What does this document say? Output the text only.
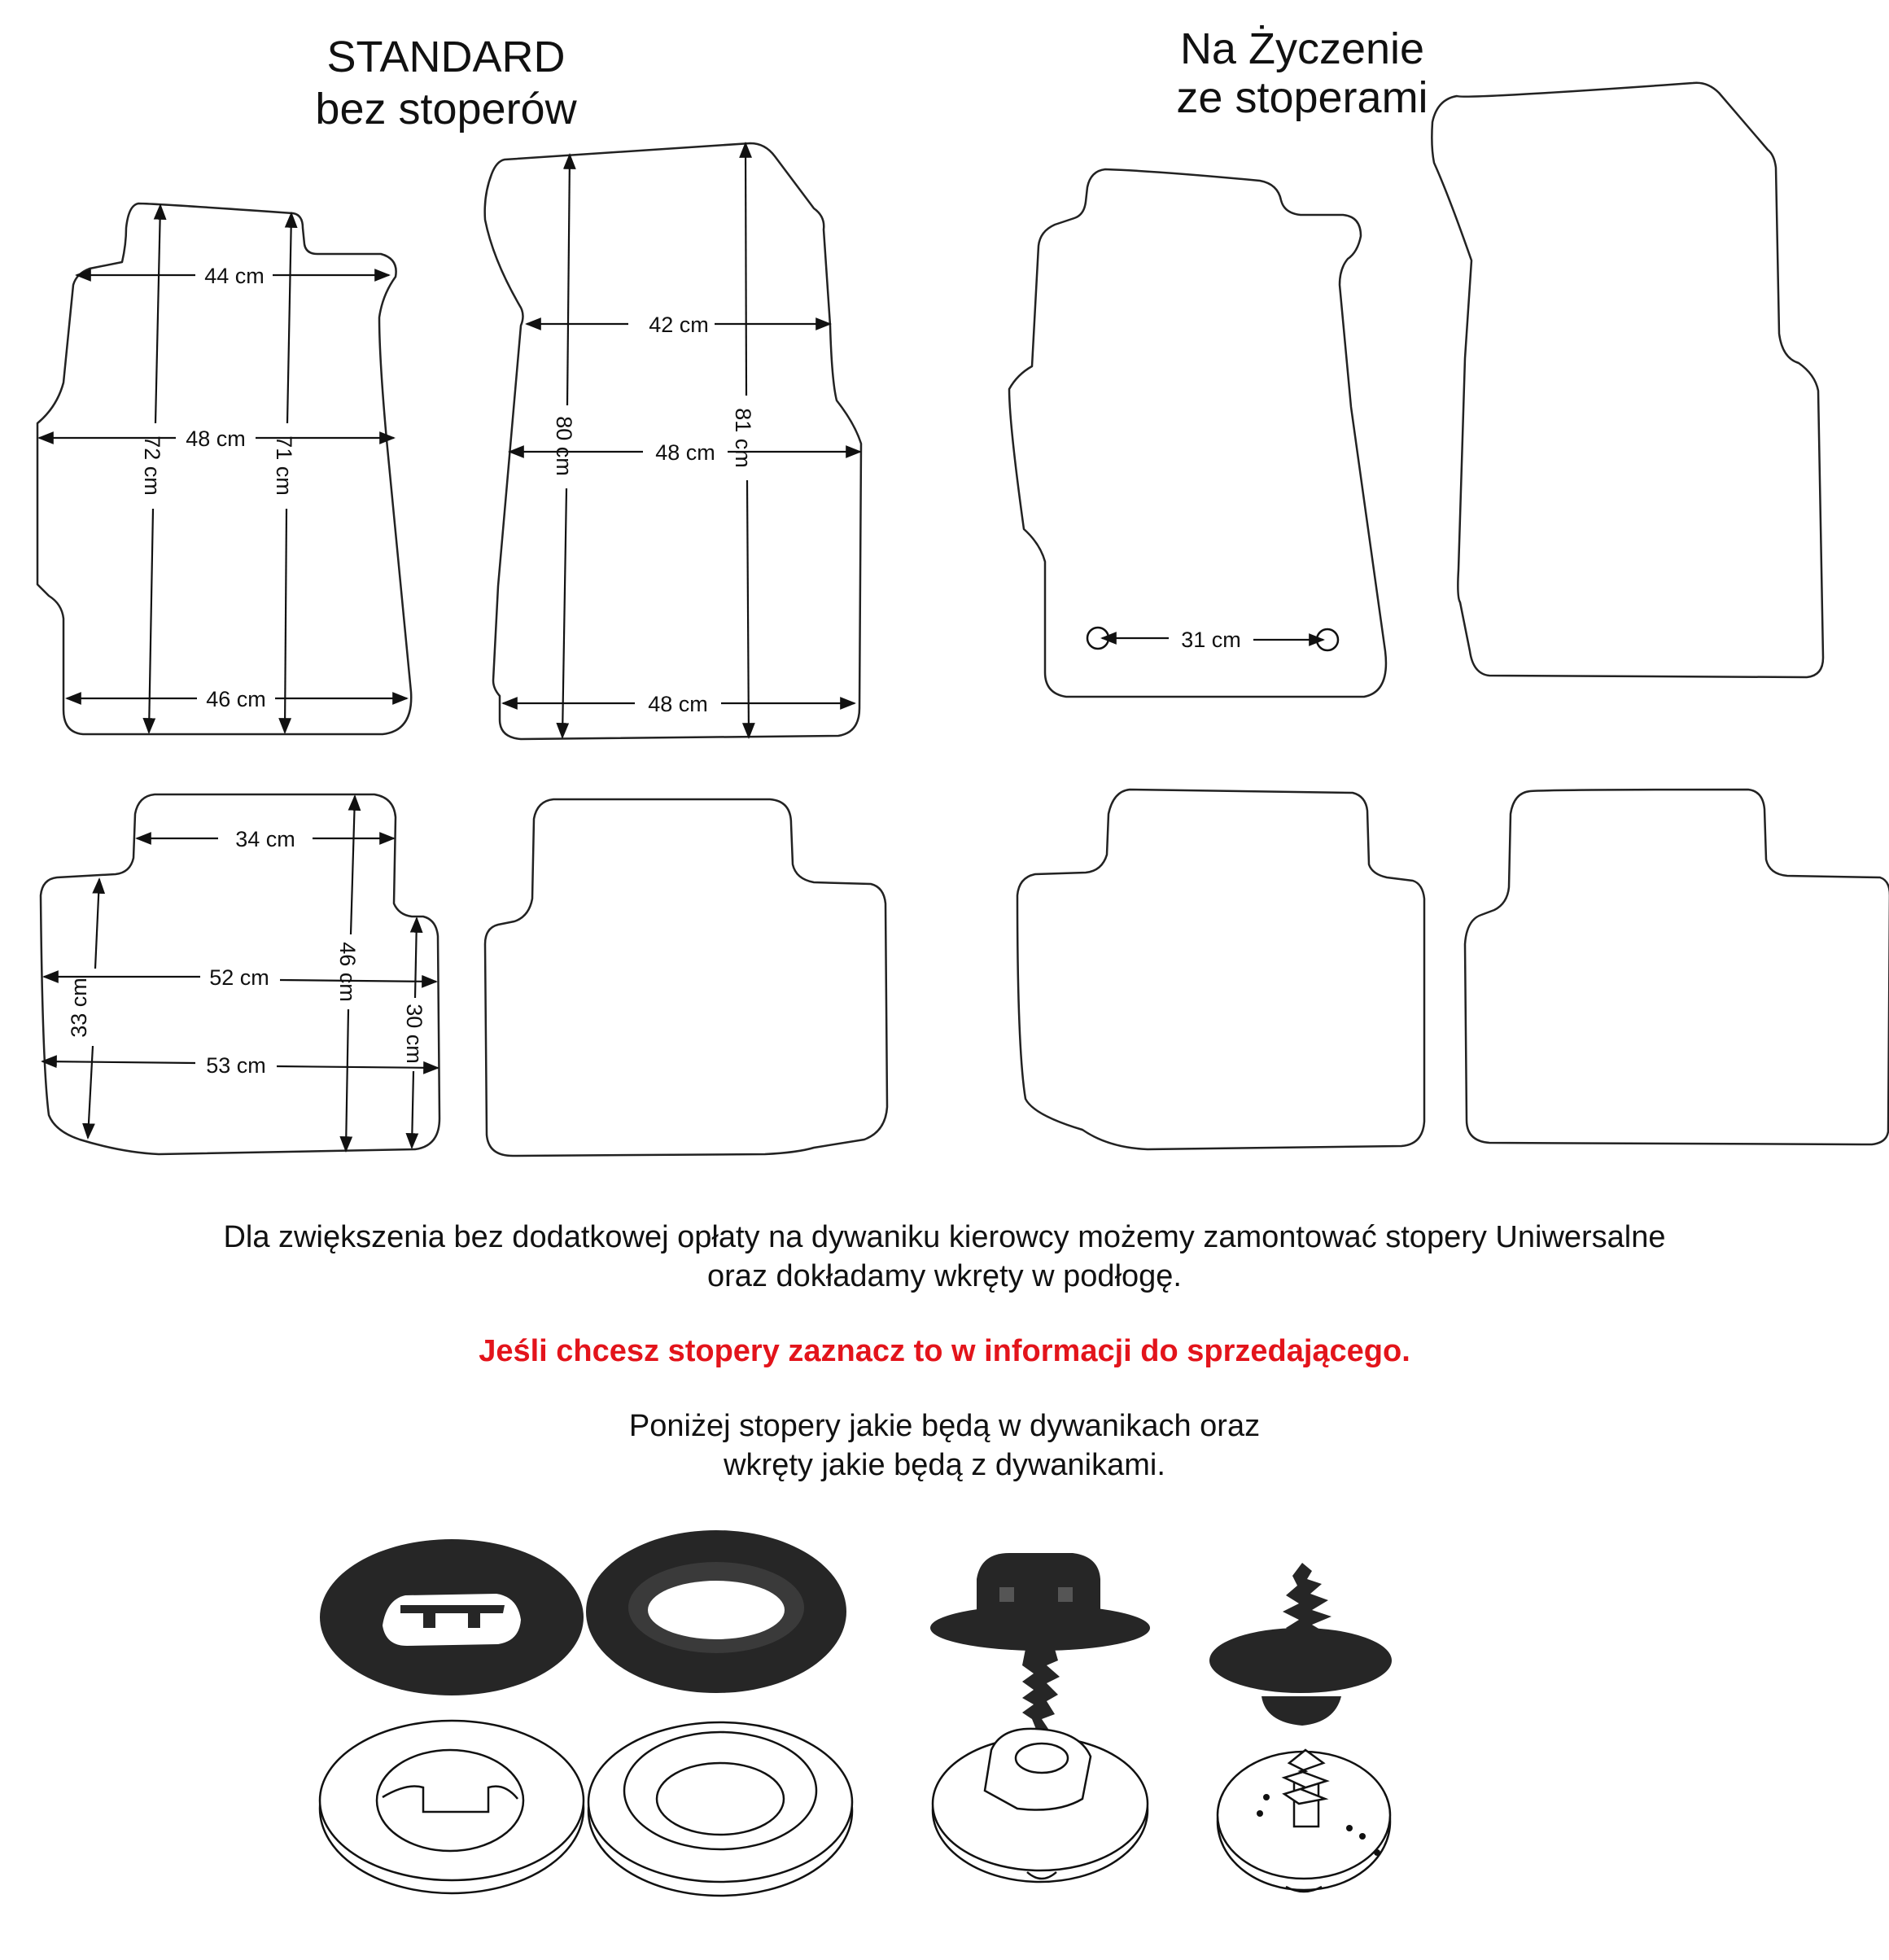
STANDARD
bez stoperów
Na Życzenie
ze stoperami
44 cm
48 cm
46 cm
72 cm	71 cm
42 cm
48 cm
48 cm
80 cm	81 cm
34 cm
52 cm
53 cm
33 cm
46 cm
30 cm
31 cm
Dla zwiększenia bez dodatkowej opłaty na dywaniku kierowcy możemy zamontować stopery Uniwersalne
oraz dokładamy wkręty w podłogę.
Jeśli chcesz stopery zaznacz to w informacji do sprzedającego.
Poniżej stopery jakie będą w dywanikach oraz
wkręty jakie będą z dywanikami.
